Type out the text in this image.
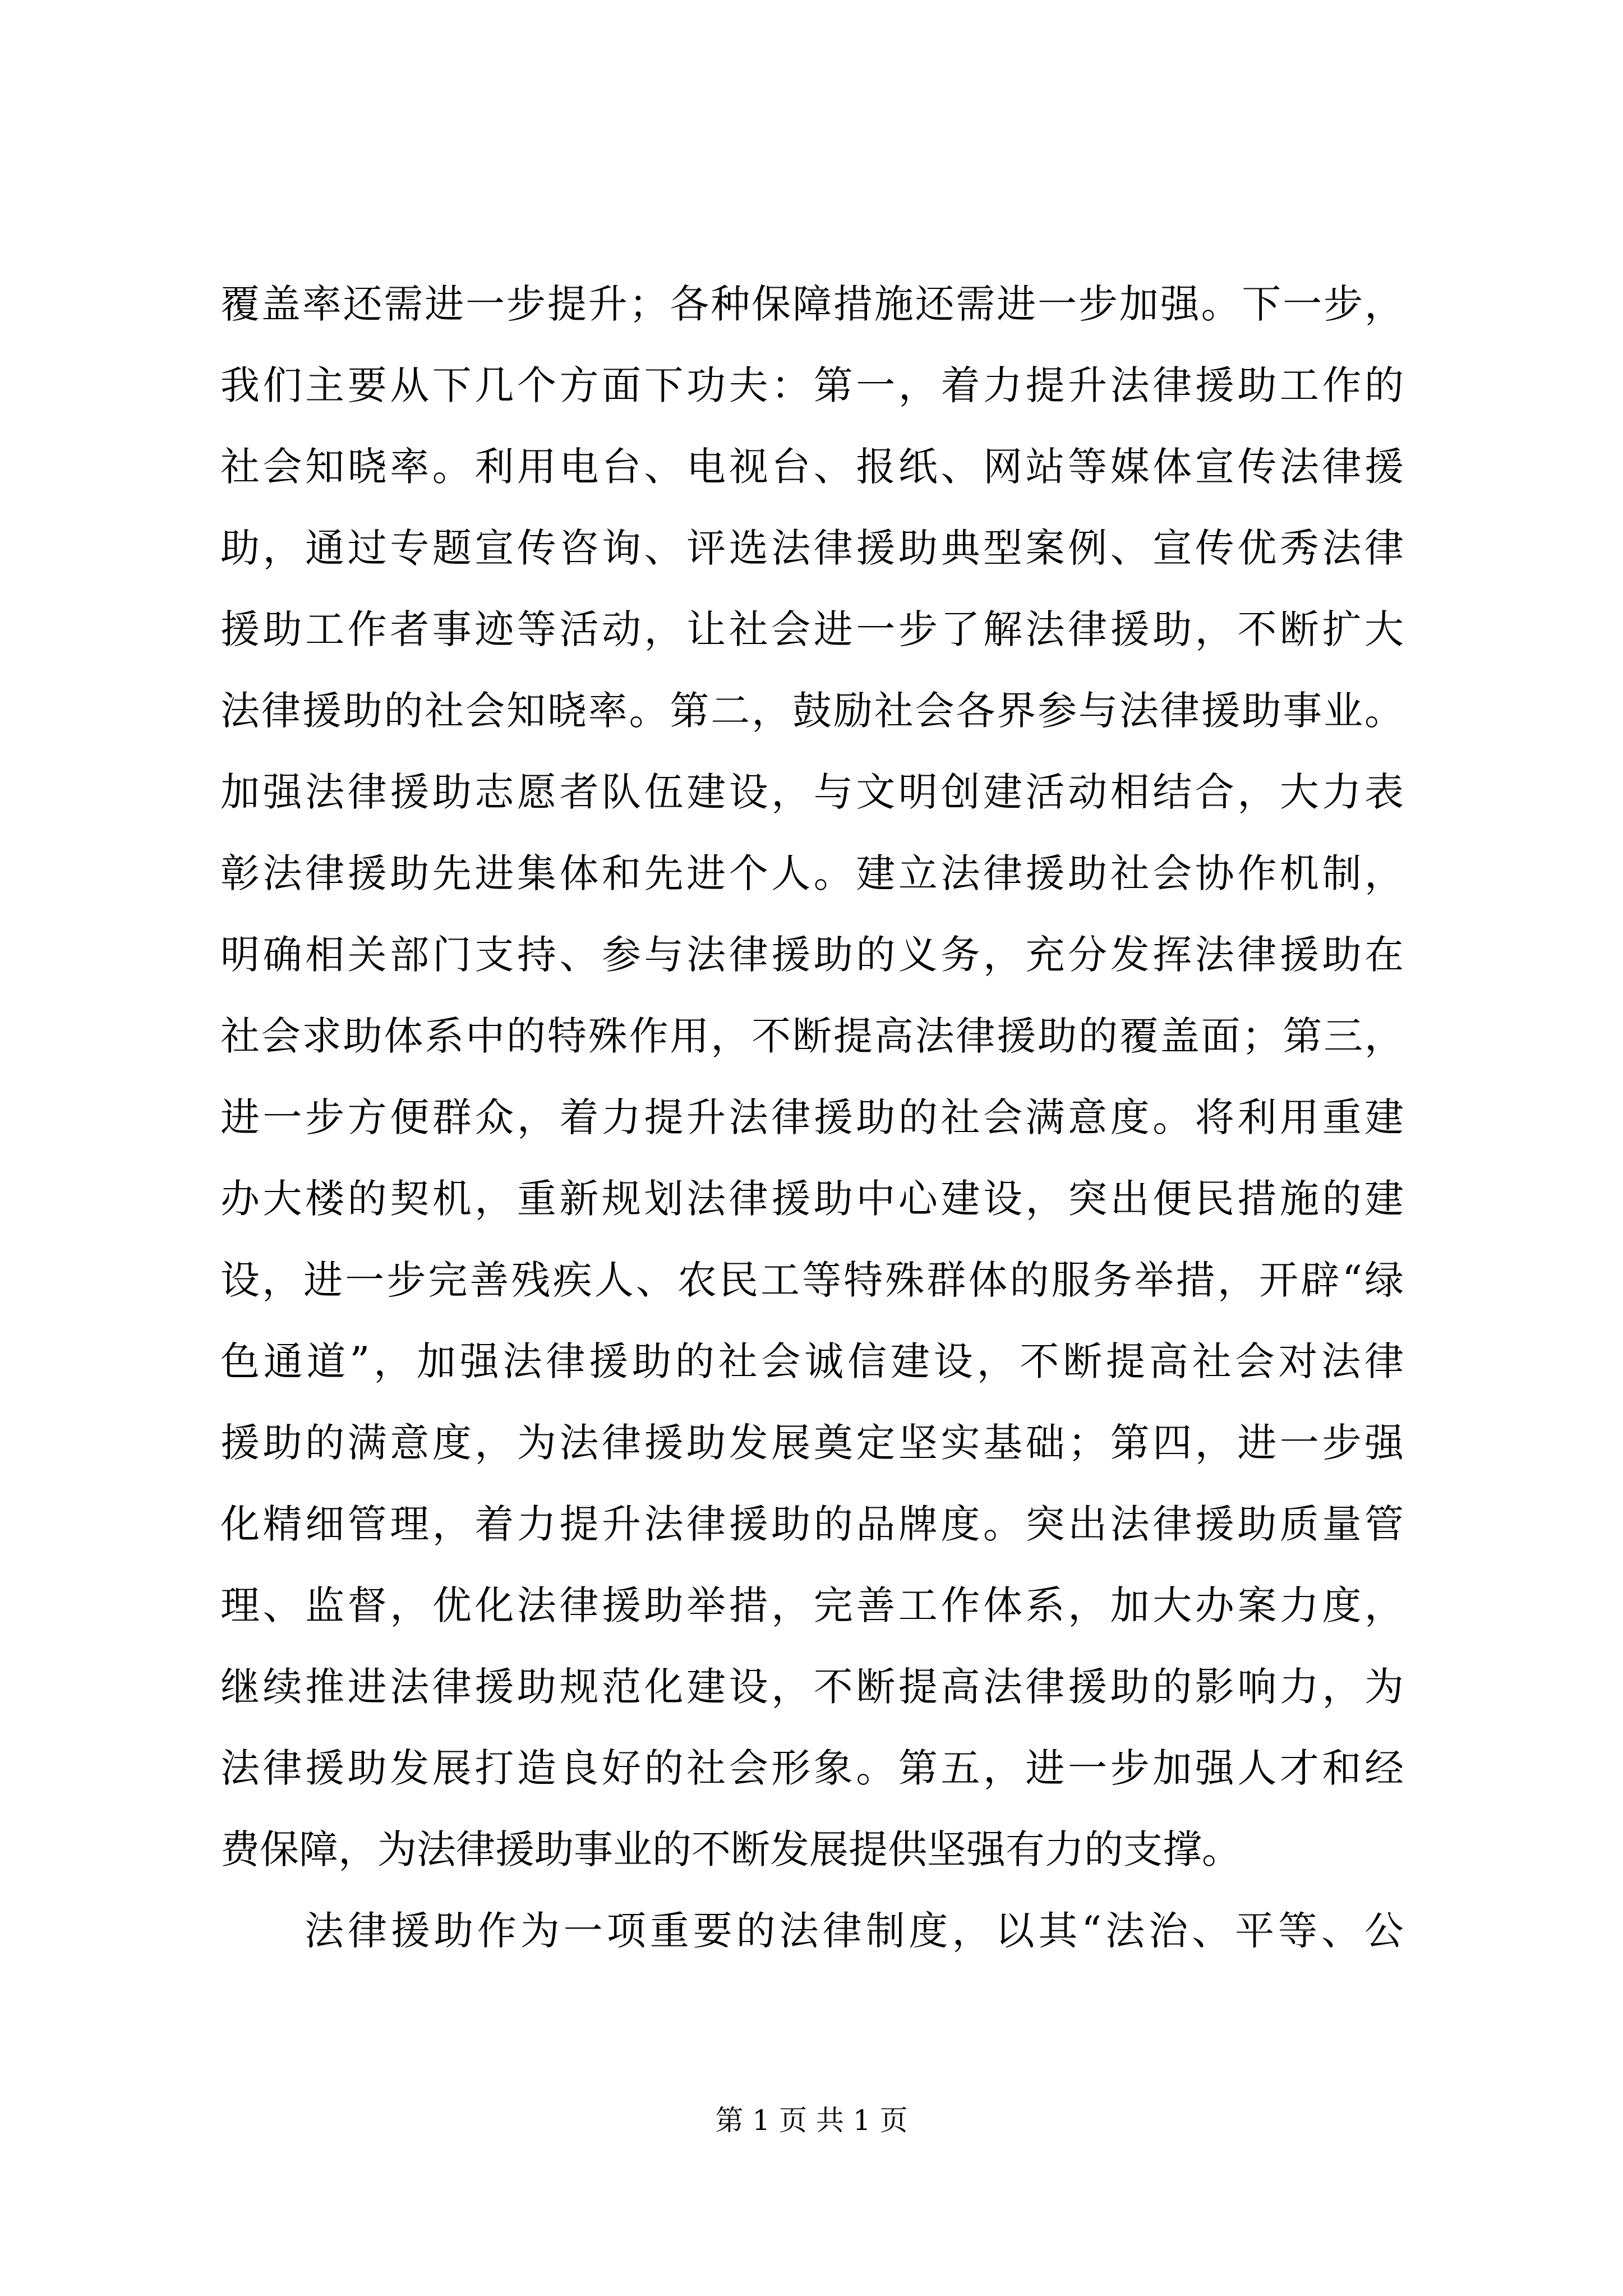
覆盖率还需进一步提升；各种保障措施还需进一步加强。下一步，
我们主要从下几个方面下功夫：第一，着力提升法律援助工作的
社会知晓率。利用电台、电视台、报纸、网站等媒体宣传法律援
助，通过专题宣传咨询、评选法律援助典型案例、宣传优秀法律
援助工作者事迹等活动，让社会进一步了解法律援助，不断扩大
法律援助的社会知晓率。第二，鼓励社会各界参与法律援助事业。
加强法律援助志愿者队伍建设，与文明创建活动相结合，大力表
彰法律援助先进集体和先进个人。建立法律援助社会协作机制，
明确相关部门支持、参与法律援助的义务，充分发挥法律援助在
社会求助体系中的特殊作用，不断提高法律援助的覆盖面；第三，
进一步方便群众，着力提升法律援助的社会满意度。将利用重建
办大楼的契机，重新规划法律援助中心建设，突出便民措施的建
设，进一步完善残疾人、农民工等特殊群体的服务举措，开辟“绿
色通道”，加强法律援助的社会诚信建设，不断提高社会对法律
援助的满意度，为法律援助发展奠定坚实基础；第四，进一步强
化精细管理，着力提升法律援助的品牌度。突出法律援助质量管
理、监督，优化法律援助举措，完善工作体系，加大办案力度，
继续推进法律援助规范化建设，不断提高法律援助的影响力，为
法律援助发展打造良好的社会形象。第五，进一步加强人才和经
费保障，为法律援助事业的不断发展提供坚强有力的支撑。
法律援助作为一项重要的法律制度，以其“法治、平等、公
第 1 页 共 1 页
